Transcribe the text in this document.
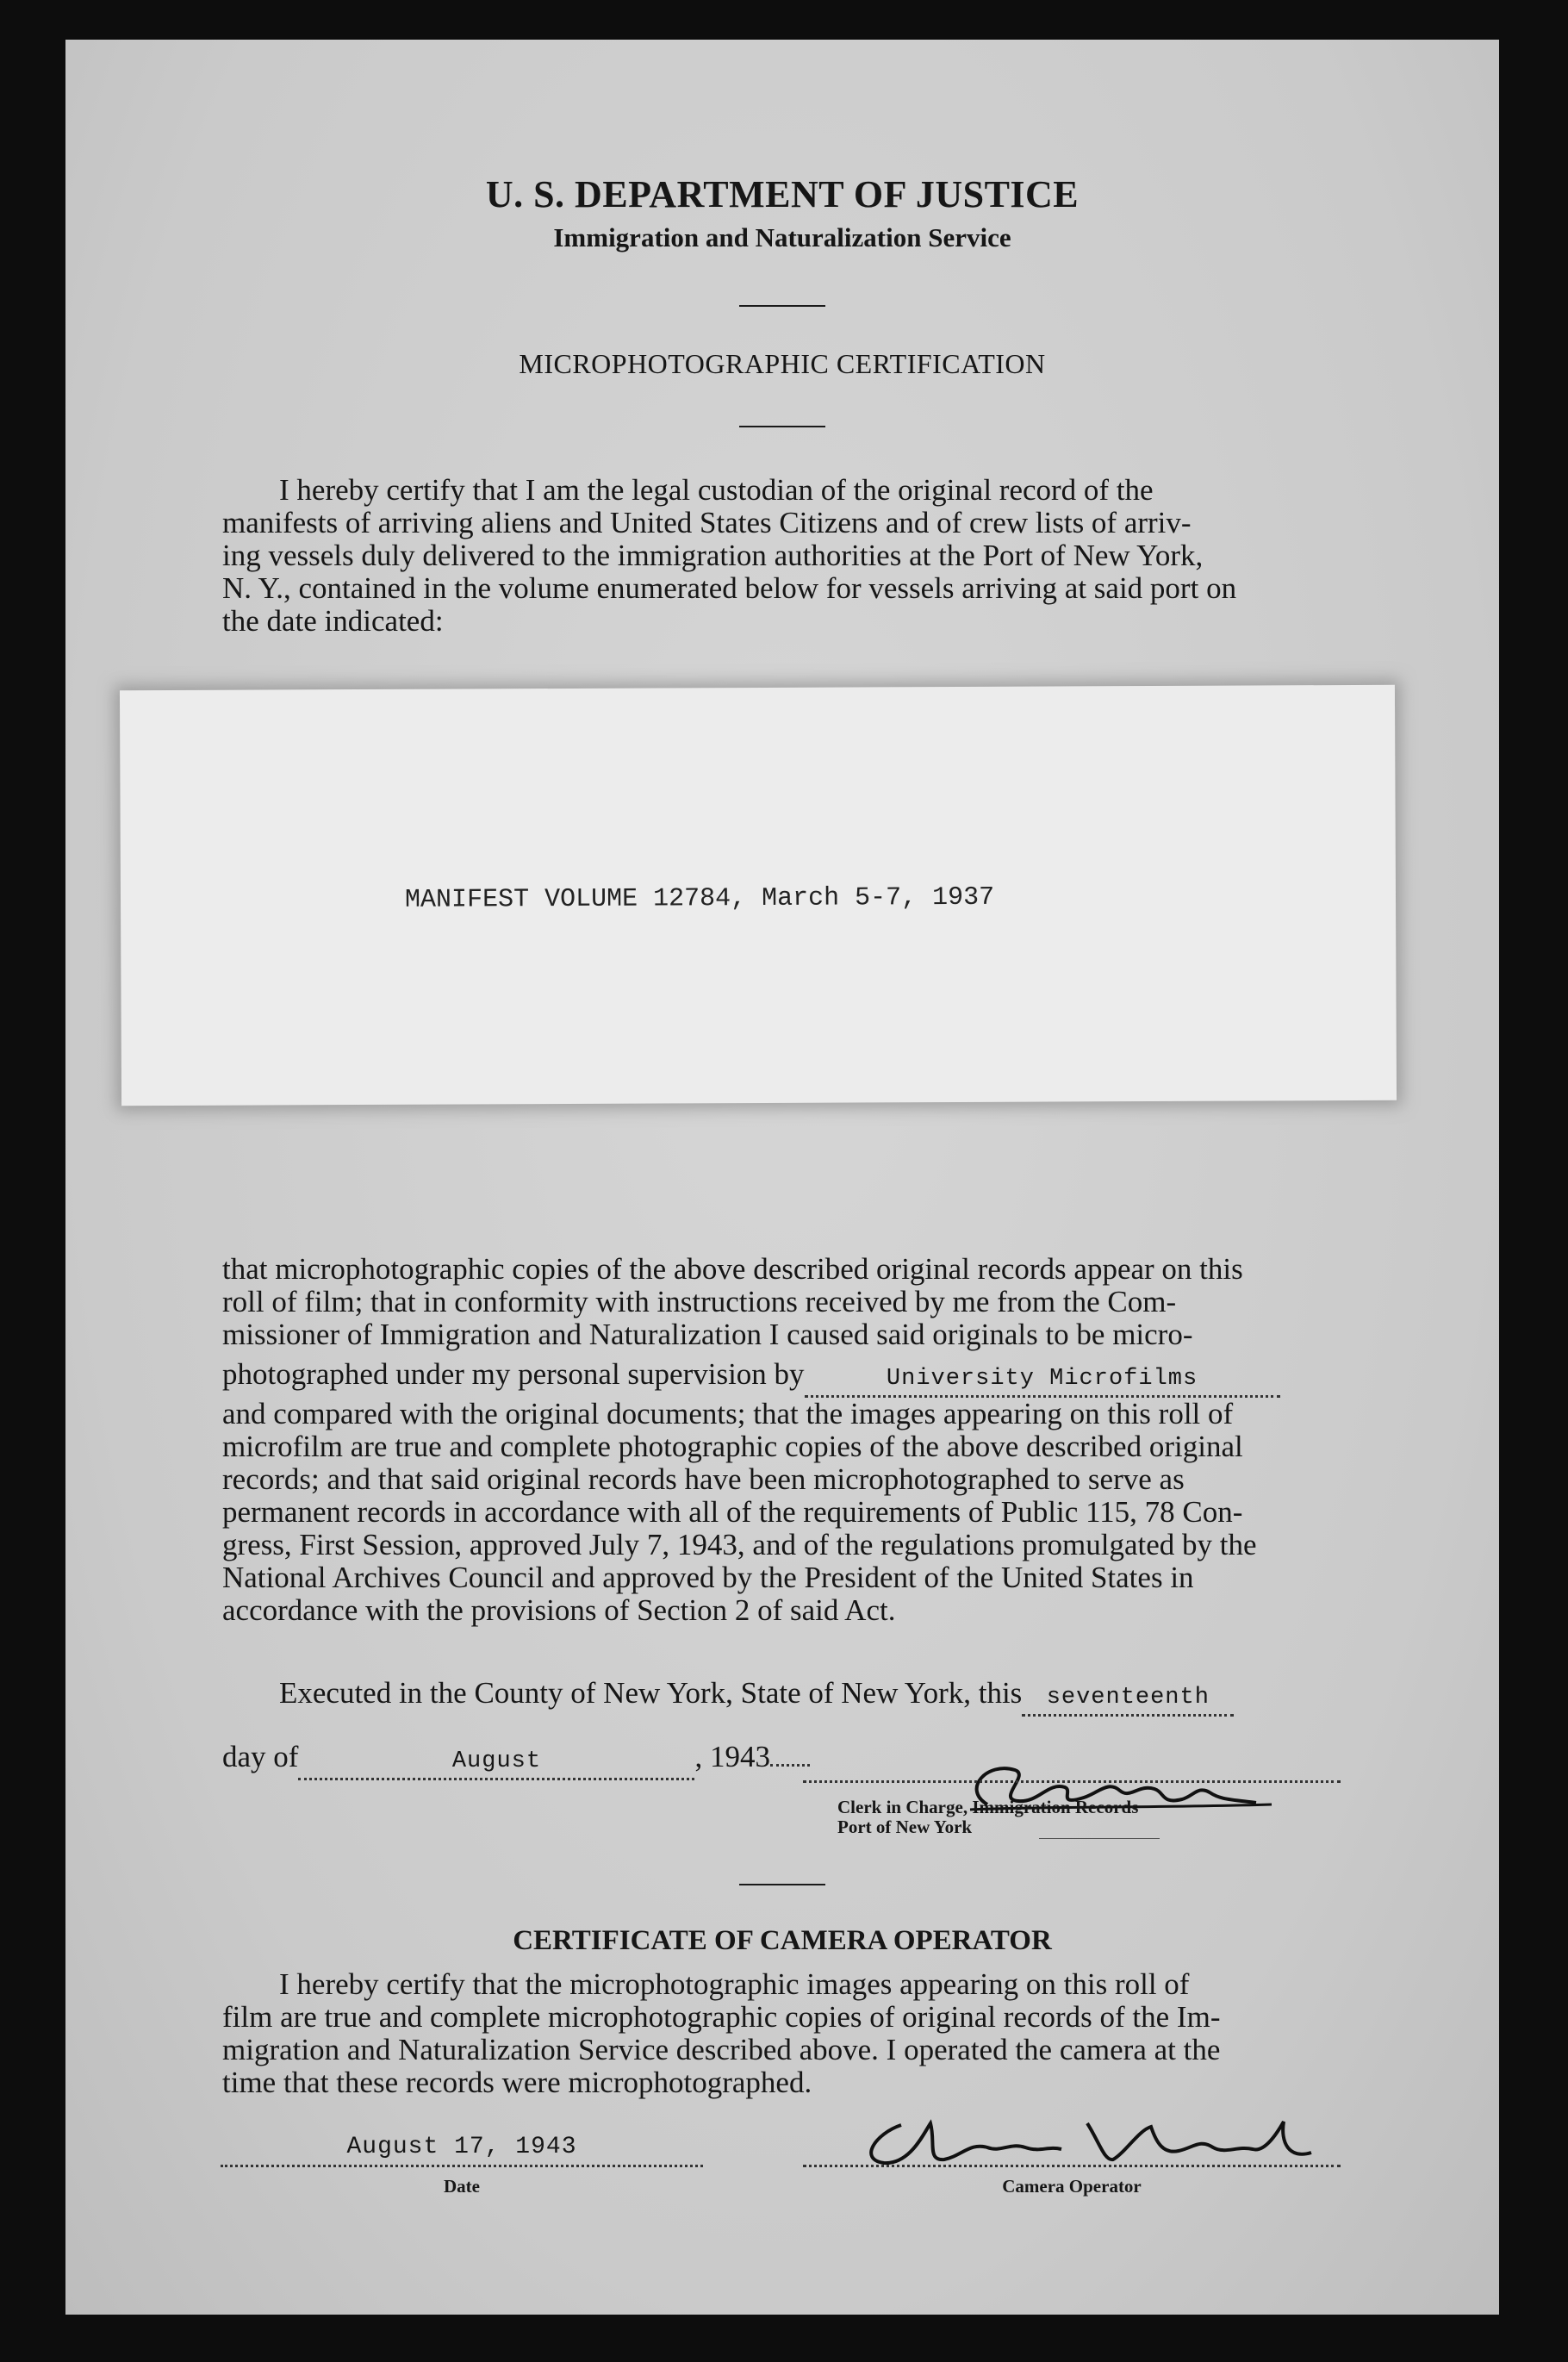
U. S. DEPARTMENT OF JUSTICE
Immigration and Naturalization Service
MICROPHOTOGRAPHIC CERTIFICATION

I hereby certify that I am the legal custodian of the original record of the

manifests of arriving aliens and United States Citizens and of crew lists of arriv-

ing vessels duly delivered to the immigration authorities at the Port of New York,

N. Y., contained in the volume enumerated below for vessels arriving at said port on

the date indicated:

MANIFEST VOLUME 12784, March 5-7, 1937

that microphotographic copies of the above described original records appear on this

roll of film; that in conformity with instructions received by me from the Com-

missioner of Immigration and Naturalization I caused said originals to be micro-

photographed under my personal supervision by	University Microfilms

and compared with the original documents; that the images appearing on this roll of

microfilm are true and complete photographic copies of the above described original

records; and that said original records have been microphotographed to serve as

permanent records in accordance with all of the requirements of Public 115, 78 Con-

gress, First Session, approved July 7, 1943, and of the regulations promulgated by the

National Archives Council and approved by the President of the United States in

accordance with the provisions of Section 2 of said Act.

Executed in the County of New York, State of New York, this seventeenth
day of	August	, 1943
Clerk in Charge, Immigration Records
Port of New York
CERTIFICATE OF CAMERA OPERATOR

I hereby certify that the microphotographic images appearing on this roll of

film are true and complete microphotographic copies of original records of the Im-

migration and Naturalization Service described above. I operated the camera at the

time that these records were microphotographed.

August 17, 1943
Date	Camera Operator
